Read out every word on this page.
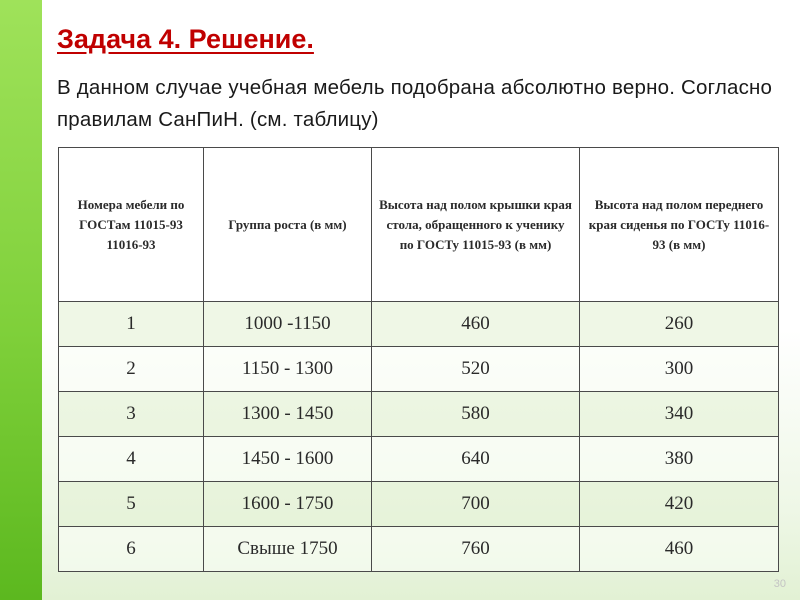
Задача 4. Решение.
В данном случае учебная мебель подобрана абсолютно верно. Согласно правилам СанПиН. (см. таблицу)
Номера мебели по ГОСТам 11015-93 11016-93	Группа роста (в мм)	Высота над полом крышки края стола, обращенного к ученику по ГОСТу 11015-93 (в мм)	Высота над полом переднего края сиденья по ГОСТу 11016-93 (в мм)
1	1000 -1150	460	260
2	1150 - 1300	520	300
3	1300 - 1450	580	340
4	1450 - 1600	640	380
5	1600 - 1750	700	420
6	Свыше 1750	760	460
30
